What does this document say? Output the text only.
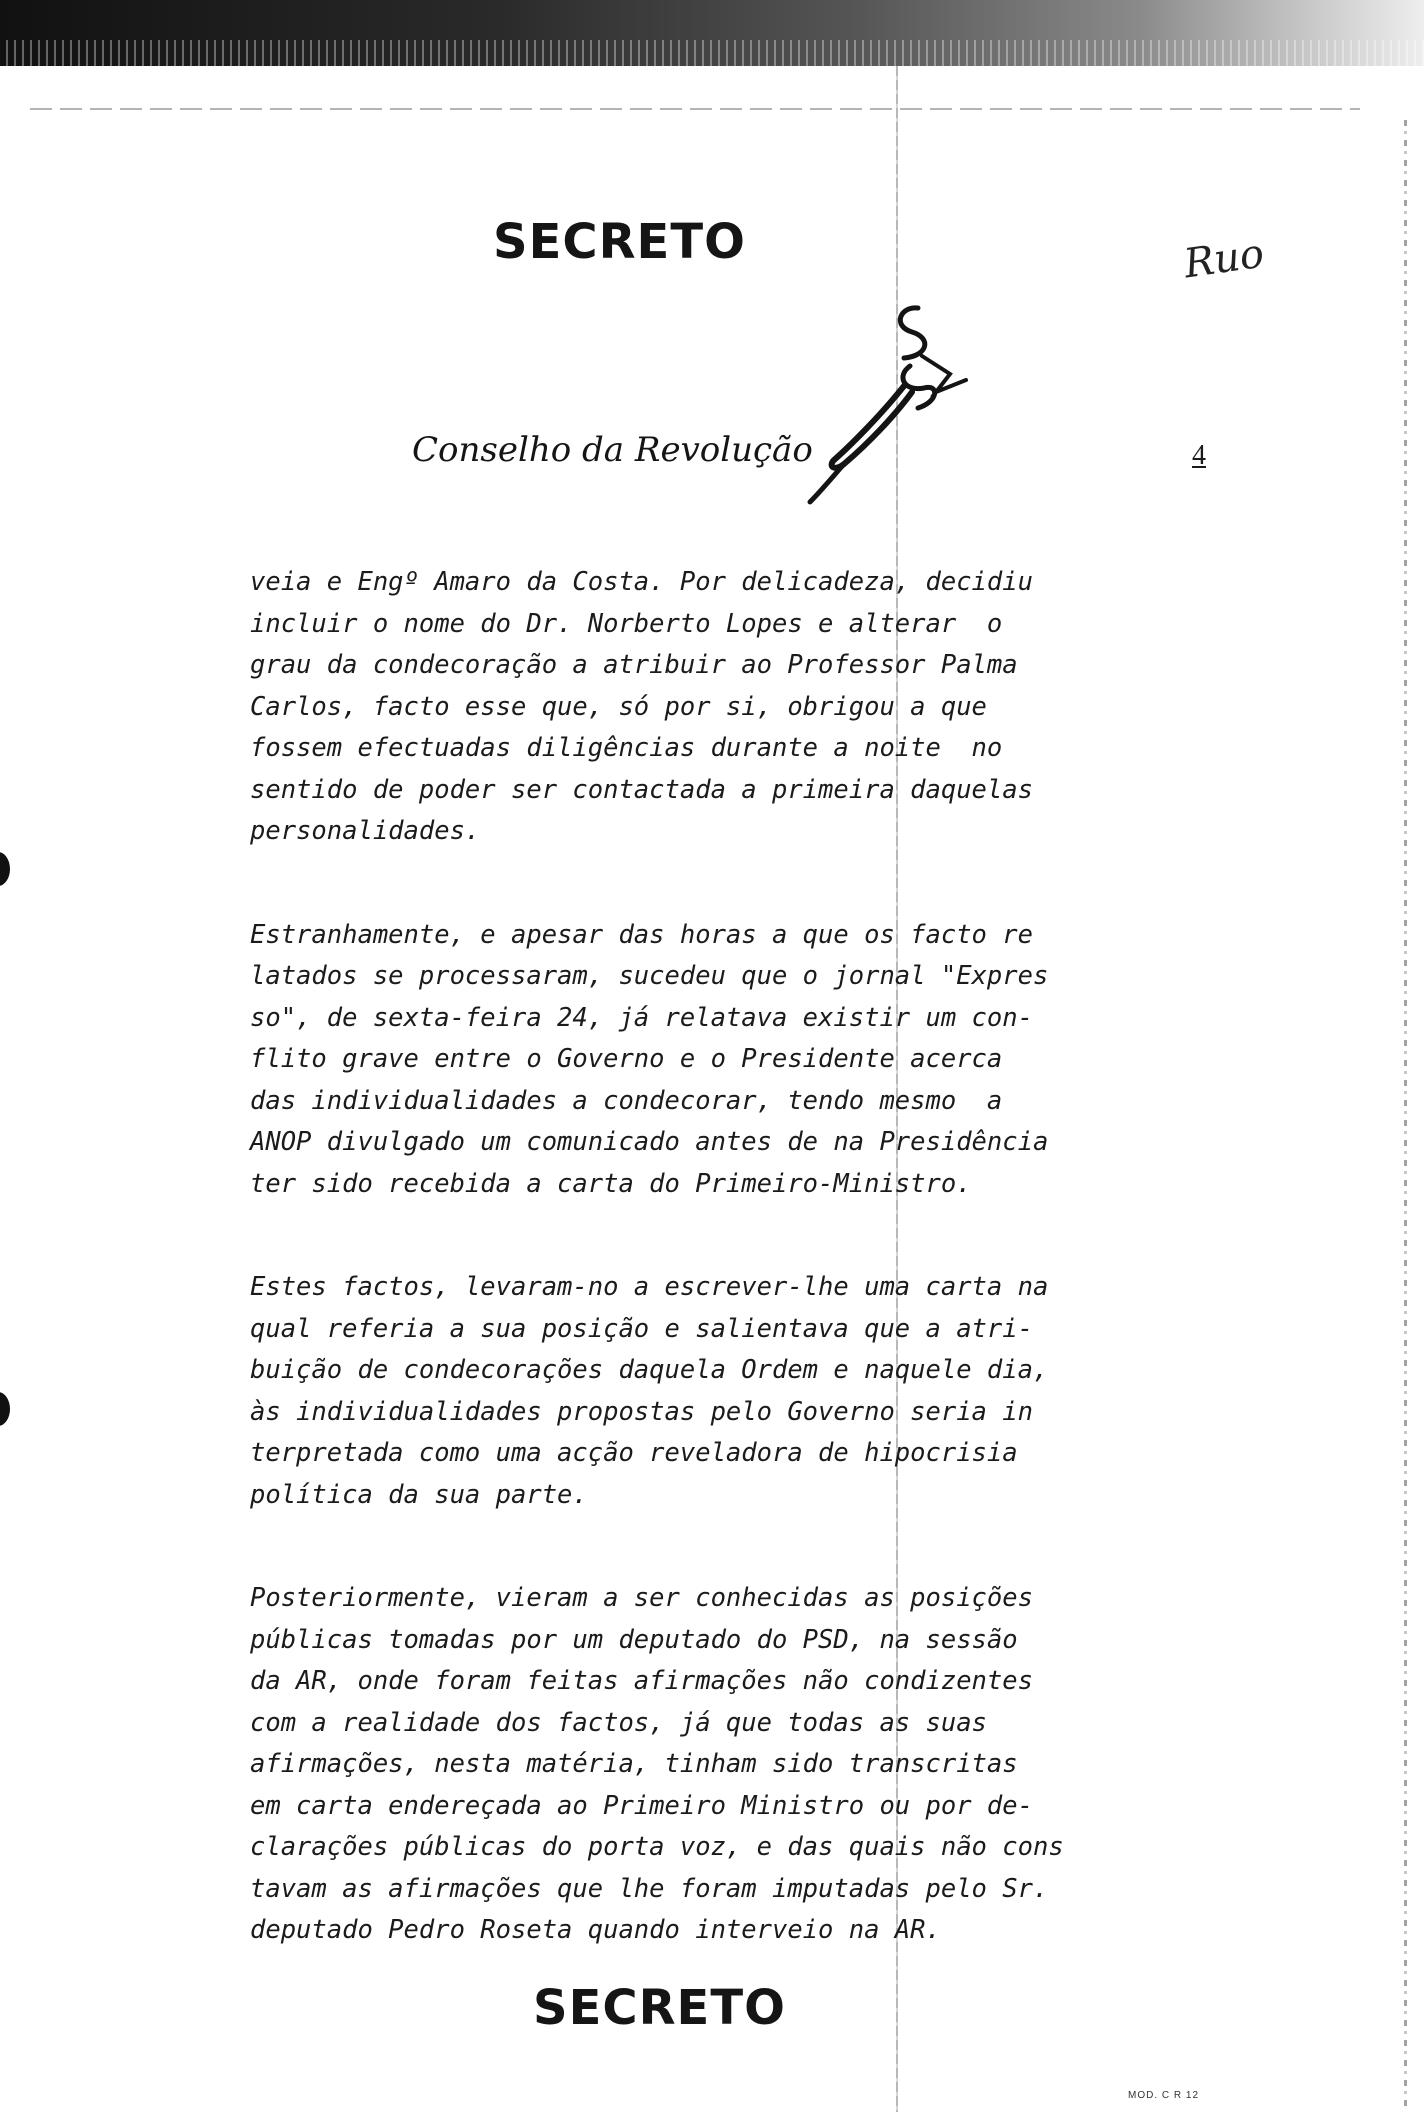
SECRETO	Ruo
Conselho da Revolução	4

veia e Engº Amaro da Costa. Por delicadeza, decidiu
incluir o nome do Dr. Norberto Lopes e alterar  o
grau da condecoração a atribuir ao Professor Palma
Carlos, facto esse que, só por si, obrigou a que
fossem efectuadas diligências durante a noite  no
sentido de poder ser contactada a primeira daquelas
personalidades.

Estranhamente, e apesar das horas a que os facto re
latados se processaram, sucedeu que o jornal "Expres
so", de sexta-feira 24, já relatava existir um con-
flito grave entre o Governo e o Presidente acerca
das individualidades a condecorar, tendo mesmo  a
ANOP divulgado um comunicado antes de na Presidência
ter sido recebida a carta do Primeiro-Ministro.

Estes factos, levaram-no a escrever-lhe uma carta na
qual referia a sua posição e salientava que a atri-
buição de condecorações daquela Ordem e naquele dia,
às individualidades propostas pelo Governo seria in
terpretada como uma acção reveladora de hipocrisia
política da sua parte.

Posteriormente, vieram a ser conhecidas as posições
públicas tomadas por um deputado do PSD, na sessão
da AR, onde foram feitas afirmações não condizentes
com a realidade dos factos, já que todas as suas
afirmações, nesta matéria, tinham sido transcritas
em carta endereçada ao Primeiro Ministro ou por de-
clarações públicas do porta voz, e das quais não cons
tavam as afirmações que lhe foram imputadas pelo Sr.
deputado Pedro Roseta quando interveio na AR.

SECRETO
MOD. C R 12
